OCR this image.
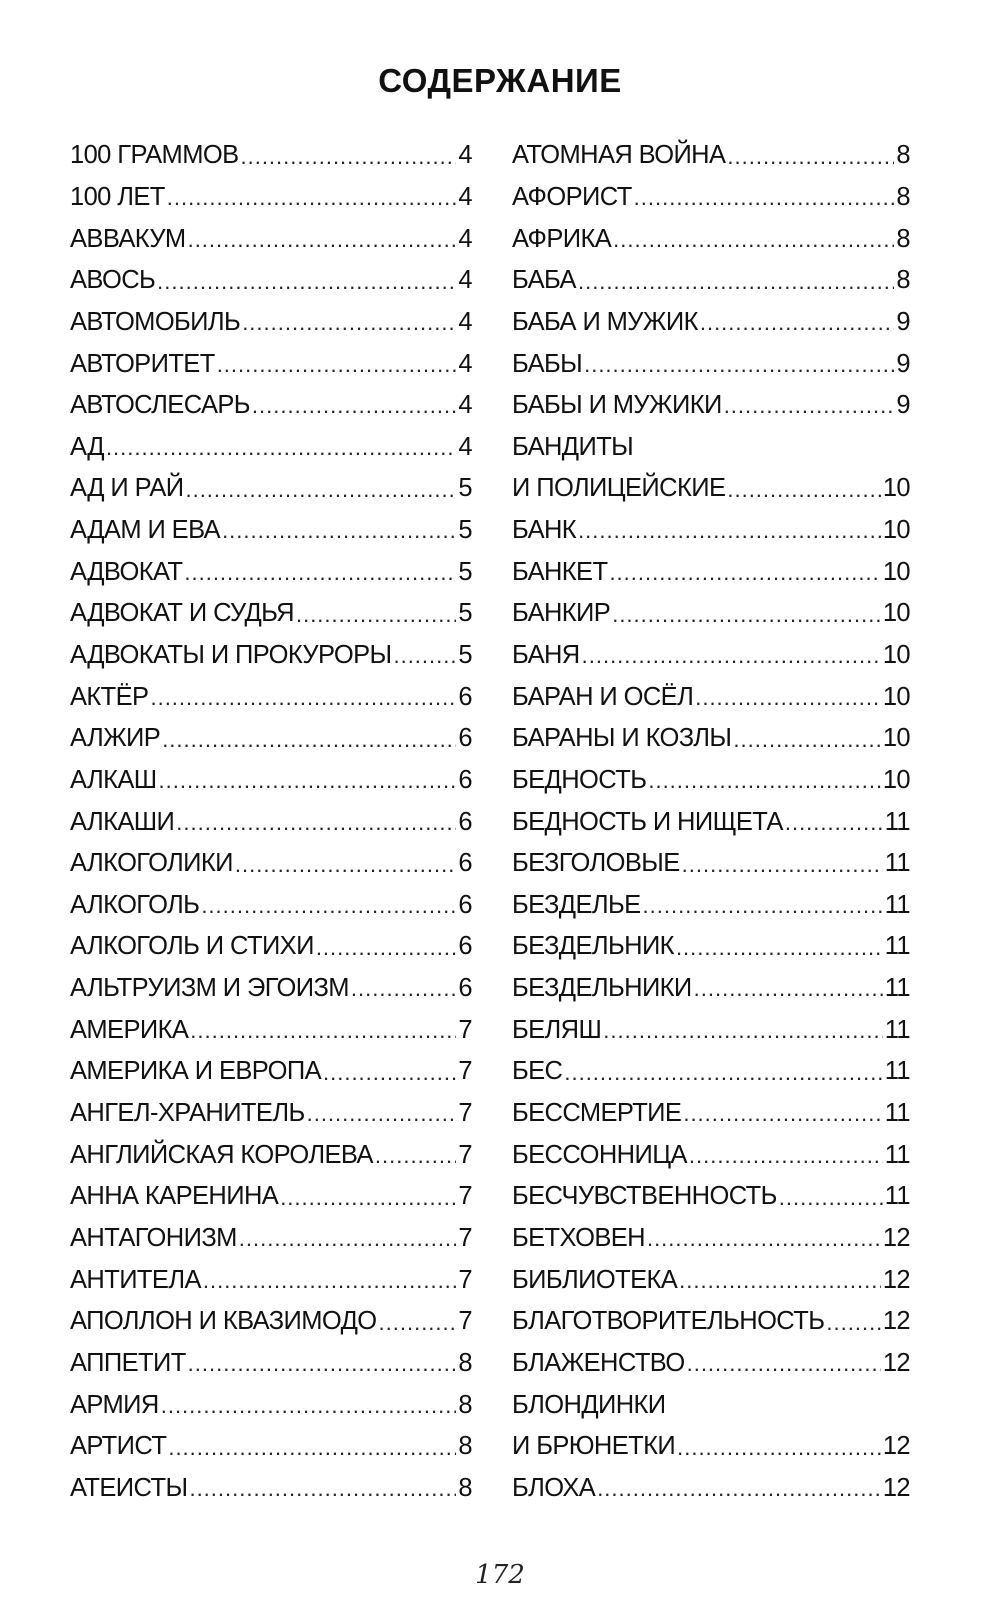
СОДЕРЖАНИЕ
100 ГРАММОВ .....	4
100 ЛЕТ .....	4
АВВАКУМ .....	4
АВОСЬ .....	4
АВТОМОБИЛЬ .....	4
АВТОРИТЕТ .....	4
АВТОСЛЕСАРЬ .....	4
АД .....	4
АД И РАЙ .....	5
АДАМ И ЕВА .....	5
АДВОКАТ .....	5
АДВОКАТ И СУДЬЯ .....	5
АДВОКАТЫ И ПРОКУРОРЫ .....	5
АКТЁР .....	6
АЛЖИР .....	6
АЛКАШ .....	6
АЛКАШИ .....	6
АЛКОГОЛИКИ .....	6
АЛКОГОЛЬ .....	6
АЛКОГОЛЬ И СТИХИ .....	6
АЛЬТРУИЗМ И ЭГОИЗМ .....	6
АМЕРИКА .....	7
АМЕРИКА И ЕВРОПА .....	7
АНГЕЛ-ХРАНИТЕЛЬ .....	7
АНГЛИЙСКАЯ КОРОЛЕВА .....	7
АННА КАРЕНИНА .....	7
АНТАГОНИЗМ .....	7
АНТИТЕЛА .....	7
АПОЛЛОН И КВАЗИМОДО .....	7
АППЕТИТ .....	8
АРМИЯ .....	8
АРТИСТ .....	8
АТЕИСТЫ .....	8
АТОМНАЯ ВОЙНА .....	8
АФОРИСТ .....	8
АФРИКА .....	8
БАБА .....	8
БАБА И МУЖИК .....	9
БАБЫ .....	9
БАБЫ И МУЖИКИ .....	9
БАНДИТЫ
И ПОЛИЦЕЙСКИЕ .....	10
БАНК .....	10
БАНКЕТ .....	10
БАНКИР .....	10
БАНЯ .....	10
БАРАН И ОСЁЛ .....	10
БАРАНЫ И КОЗЛЫ .....	10
БЕДНОСТЬ .....	10
БЕДНОСТЬ И НИЩЕТА .....	11
БЕЗГОЛОВЫЕ .....	11
БЕЗДЕЛЬЕ .....	11
БЕЗДЕЛЬНИК .....	11
БЕЗДЕЛЬНИКИ .....	11
БЕЛЯШ .....	11
БЕС .....	11
БЕССМЕРТИЕ .....	11
БЕССОННИЦА .....	11
БЕСЧУВСТВЕННОСТЬ .....	11
БЕТХОВЕН .....	12
БИБЛИОТЕКА .....	12
БЛАГОТВОРИТЕЛЬНОСТЬ ..... 12
БЛАЖЕНСТВО .....	12
БЛОНДИНКИ
И БРЮНЕТКИ .....	12
БЛОХА .....	12
172
